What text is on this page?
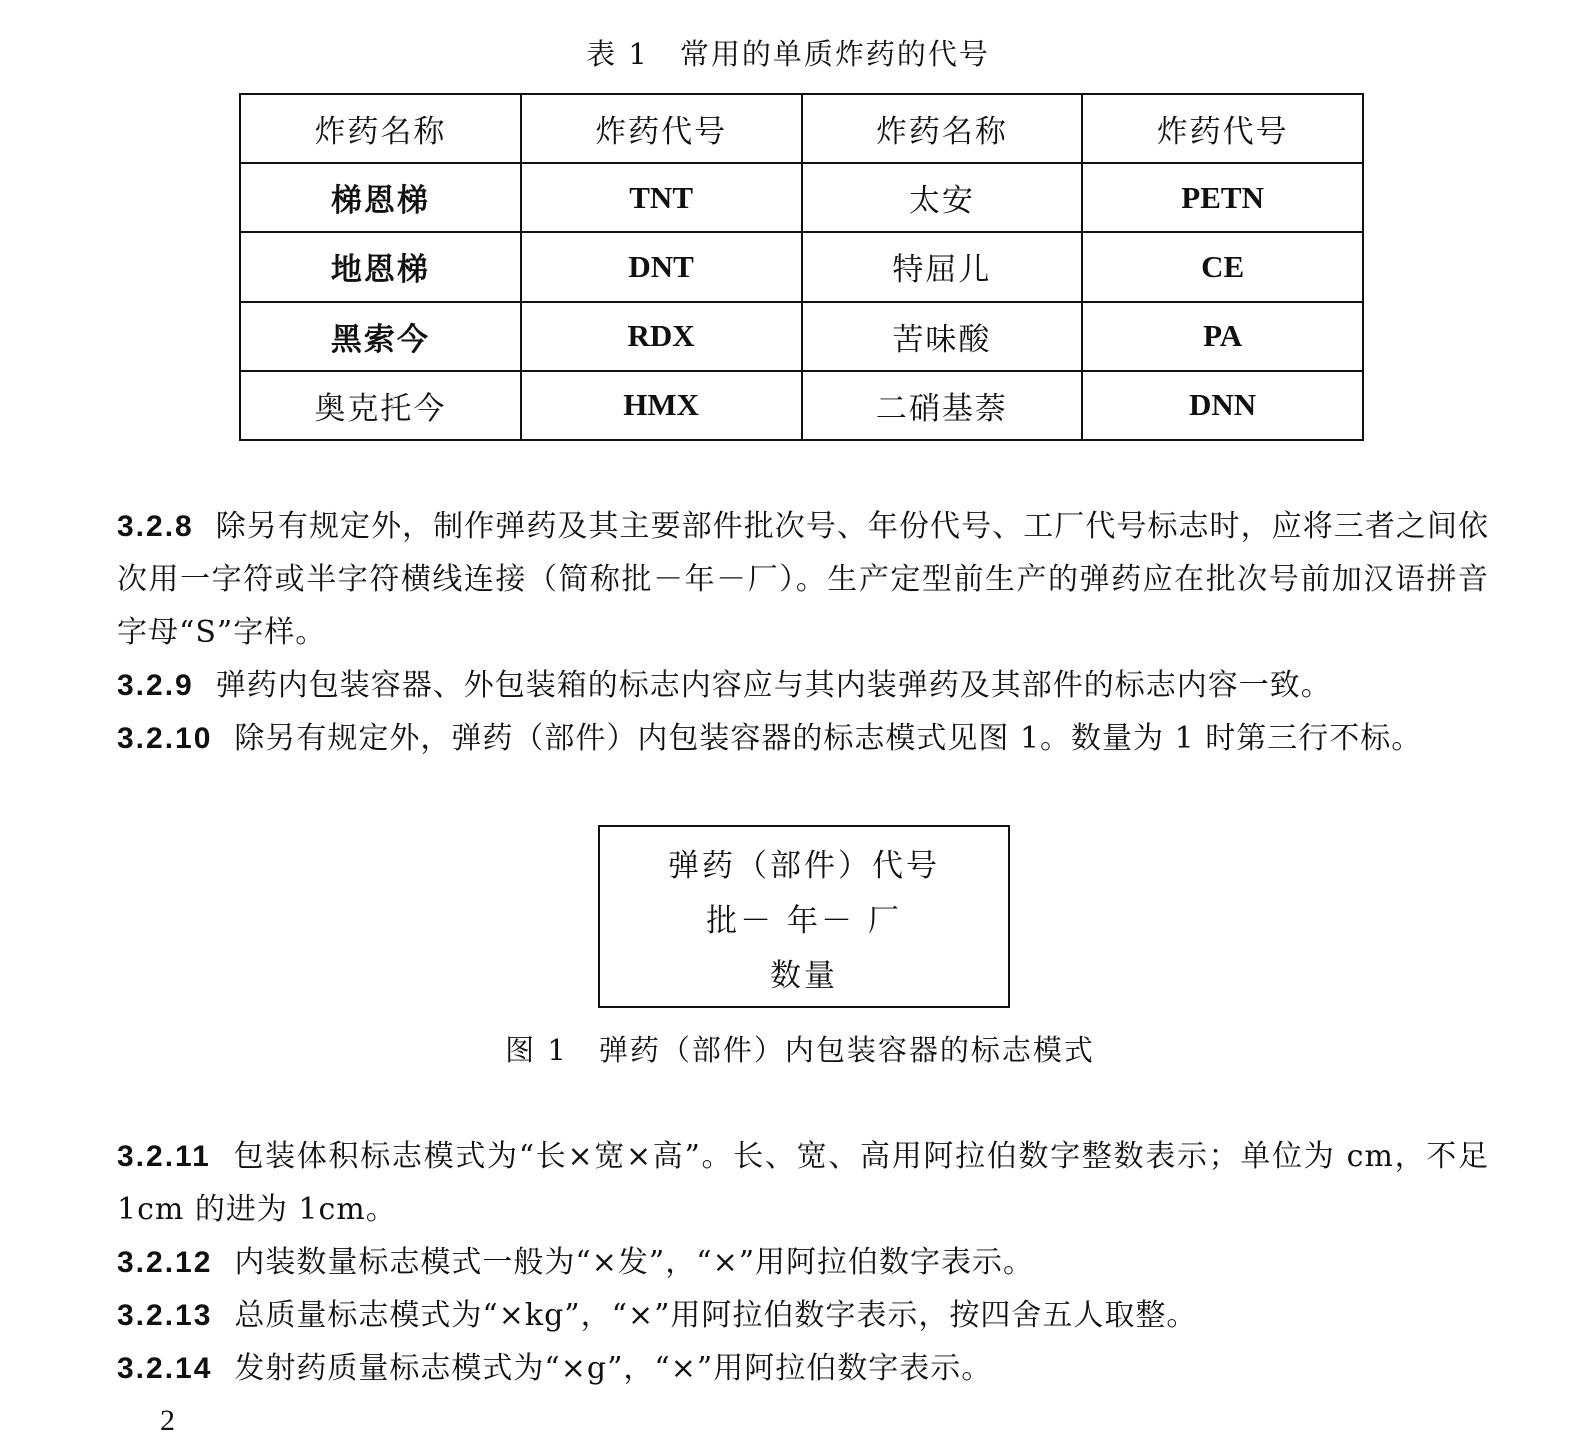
表 1　常用的单质炸药的代号
炸药名称	炸药代号	炸药名称	炸药代号
梯恩梯	TNT	太安	PETN
地恩梯	DNT	特屈儿	CE
黑索今	RDX	苦味酸	PA
奥克托今	HMX	二硝基萘	DNN
3.2.8 除另有规定外，制作弹药及其主要部件批次号、年份代号、工厂代号标志时，应将三者之间依次用一字符或半字符横线连接（简称批－年－厂）。生产定型前生产的弹药应在批次号前加汉语拼音字母“S”字样。
3.2.9 弹药内包装容器、外包装箱的标志内容应与其内装弹药及其部件的标志内容一致。
3.2.10 除另有规定外，弹药（部件）内包装容器的标志模式见图 1。数量为 1 时第三行不标。
弹药（部件）代号
批－ 年－ 厂
数量
图 1　弹药（部件）内包装容器的标志模式
3.2.11 包装体积标志模式为“长×宽×高”。长、宽、高用阿拉伯数字整数表示；单位为 cm，不足 1cm 的进为 1cm。
3.2.12 内装数量标志模式一般为“×发”，“×”用阿拉伯数字表示。
3.2.13 总质量标志模式为“×kg”，“×”用阿拉伯数字表示，按四舍五人取整。
3.2.14 发射药质量标志模式为“×g”，“×”用阿拉伯数字表示。
2
